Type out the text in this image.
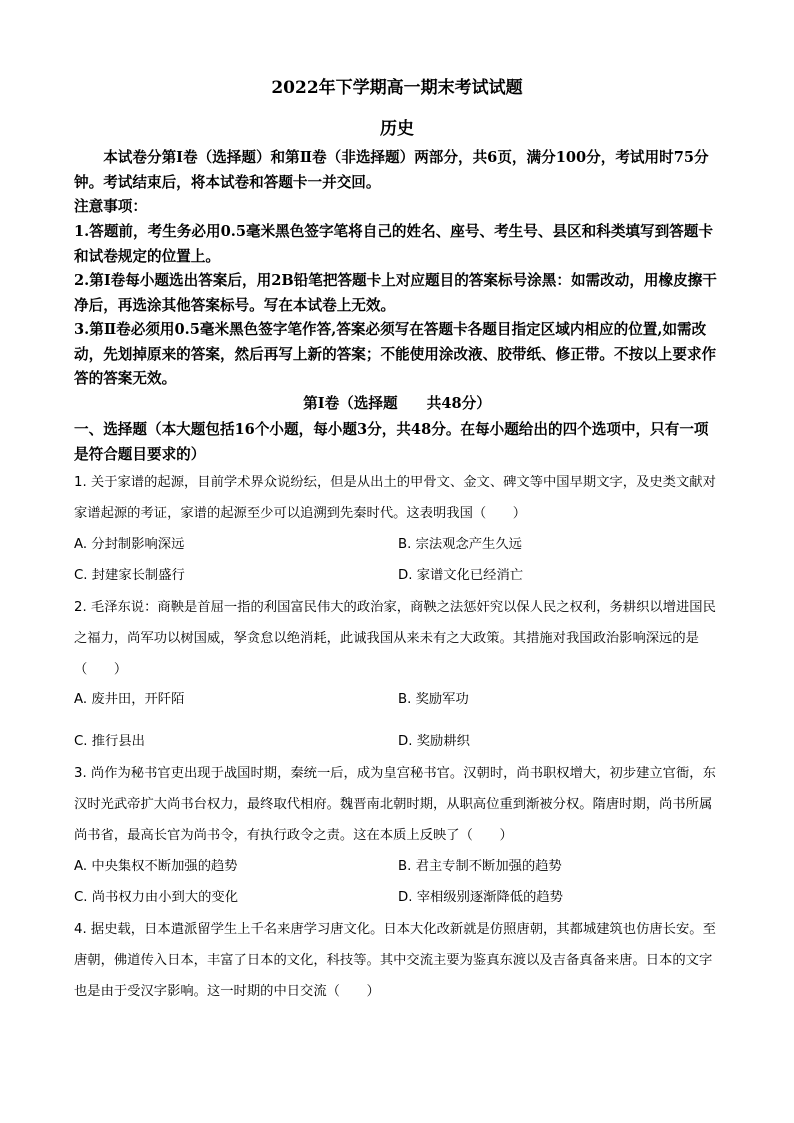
2022年下学期高一期末考试试题
历史
本试卷分第Ⅰ卷（选择题）和第Ⅱ卷（非选择题）两部分，共6页，满分100分，考试用时75分钟。考试结束后，将本试卷和答题卡一并交回。
注意事项：
1.答题前，考生务必用0.5毫米黑色签字笔将自己的姓名、座号、考生号、县区和科类填写到答题卡和试卷规定的位置上。
2.第Ⅰ卷每小题选出答案后，用2B铅笔把答题卡上对应题目的答案标号涂黑：如需改动，用橡皮擦干净后，再选涂其他答案标号。写在本试卷上无效。
3.第Ⅱ卷必须用0.5毫米黑色签字笔作答,答案必须写在答题卡各题目指定区域内相应的位置,如需改动，先划掉原来的答案，然后再写上新的答案；不能使用涂改液、胶带纸、修正带。不按以上要求作答的答案无效。
第Ⅰ卷（选择题　　共48分）
一、选择题（本大题包括16个小题，每小题3分，共48分。在每小题给出的四个选项中，只有一项是符合题目要求的）
1. 关于家谱的起源，目前学术界众说纷纭，但是从出土的甲骨文、金文、碑文等中国早期文字，及史类文献对家谱起源的考证，家谱的起源至少可以追溯到先秦时代。这表明我国（　　）
A. 分封制影响深远	B. 宗法观念产生久远
C. 封建家长制盛行	D. 家谱文化已经消亡
2. 毛泽东说：商鞅是首屈一指的利国富民伟大的政治家，商鞅之法惩奸究以保人民之权利，务耕织以增进国民之福力，尚军功以树国威，孥贪怠以绝消耗，此诚我国从来未有之大政策。其措施对我国政治影响深远的是（　　）
A. 废井田，开阡陌	B. 奖励军功
C. 推行县出	D. 奖励耕织
3. 尚作为秘书官吏出现于战国时期，秦统一后，成为皇宫秘书官。汉朝时，尚书职权增大，初步建立官衙，东汉时光武帝扩大尚书台权力，最终取代相府。魏晋南北朝时期，从职高位重到渐被分权。隋唐时期，尚书所属尚书省，最高长官为尚书令，有执行政令之责。这在本质上反映了（　　）
A. 中央集权不断加强的趋势	B. 君主专制不断加强的趋势
C. 尚书权力由小到大的变化	D. 宰相级别逐渐降低的趋势
4. 据史载，日本遣派留学生上千名来唐学习唐文化。日本大化改新就是仿照唐朝，其都城建筑也仿唐长安。至唐朝，佛道传入日本，丰富了日本的文化，科技等。其中交流主要为鉴真东渡以及吉备真备来唐。日本的文字也是由于受汉字影响。这一时期的中日交流（　　）
